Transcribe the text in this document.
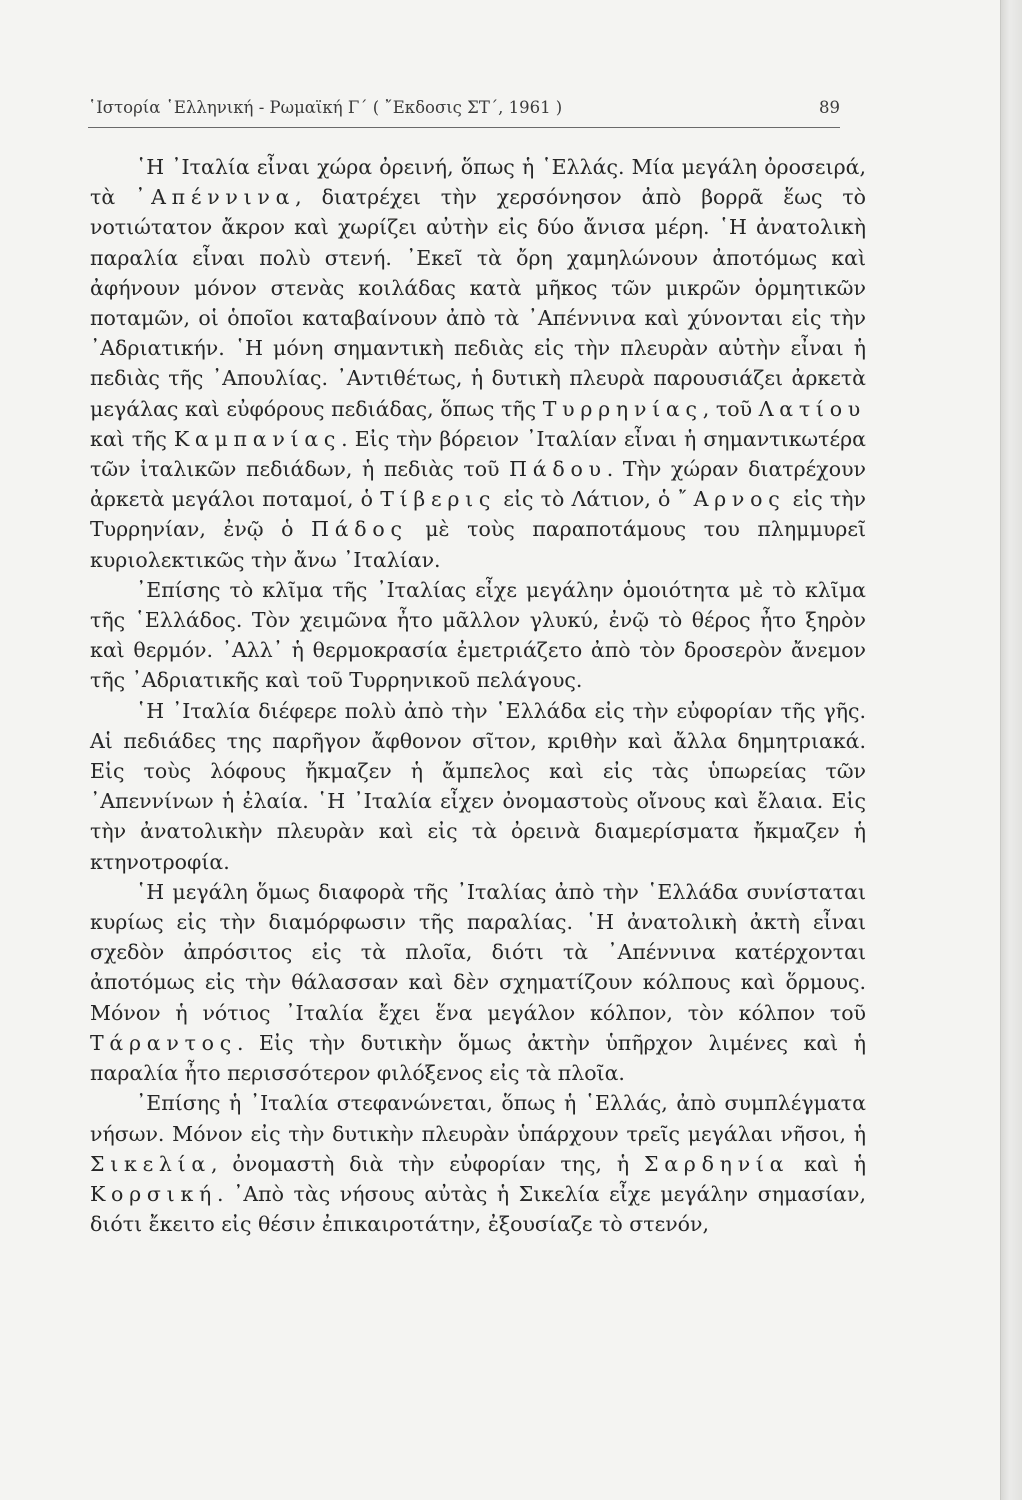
῾Ιστορία ῾Ελληνική - Ρωμαϊκή Γ΄ ( ῎Εκδοσις ΣΤ΄, 1961 )	89

῾Η ᾿Ιταλία εἶναι χώρα ὀρεινή, ὅπως ἡ ῾Ελλάς. Μία μεγάλη ὀροσειρά, τὰ ᾿Απέννινα, διατρέχει τὴν χερσόνησον ἀπὸ βορρᾶ ἕως τὸ νοτιώτατον ἄκρον καὶ χωρίζει αὐτὴν εἰς δύο ἄνισα μέρη. ῾Η ἀνατολικὴ παραλία εἶναι πολὺ στενή. ᾿Εκεῖ τὰ ὄρη χαμηλώνουν ἀποτόμως καὶ ἀφήνουν μόνον στενὰς κοιλάδας κατὰ μῆκος τῶν μικρῶν ὁρμητικῶν ποταμῶν, οἱ ὁποῖοι καταβαίνουν ἀπὸ τὰ ᾿Απέννινα καὶ χύνονται εἰς τὴν ᾿Αδριατικήν. ῾Η μόνη σημαντικὴ πεδιὰς εἰς τὴν πλευρὰν αὐτὴν εἶναι ἡ πεδιὰς τῆς ᾿Απουλίας. ᾿Αντιθέτως, ἡ δυτικὴ πλευρὰ παρουσιάζει ἀρκετὰ μεγάλας καὶ εὐφόρους πεδιάδας, ὅπως τῆς Τυρρηνίας, τοῦ Λατίου καὶ τῆς Καμπανίας. Εἰς τὴν βόρειον ᾿Ιταλίαν εἶναι ἡ σημαντικωτέρα τῶν ἰταλικῶν πεδιάδων, ἡ πεδιὰς τοῦ Πάδου. Τὴν χώραν διατρέχουν ἀρκετὰ μεγάλοι ποταμοί, ὁ Τίβερις εἰς τὸ Λάτιον, ὁ ῎Αρνος εἰς τὴν Τυρρηνίαν, ἐνῷ ὁ Πάδος μὲ τοὺς παραποτάμους του πλημμυρεῖ κυριολεκτικῶς τὴν ἄνω ᾿Ιταλίαν.

᾿Επίσης τὸ κλῖμα τῆς ᾿Ιταλίας εἶχε μεγάλην ὁμοιότητα μὲ τὸ κλῖμα τῆς ῾Ελλάδος. Τὸν χειμῶνα ἦτο μᾶλλον γλυκύ, ἐνῷ τὸ θέρος ἦτο ξηρὸν καὶ θερμόν. ᾿Αλλ᾿ ἡ θερμοκρασία ἐμετριάζετο ἀπὸ τὸν δροσερὸν ἄνεμον τῆς ᾿Αδριατικῆς καὶ τοῦ Τυρρηνικοῦ πελάγους.

῾Η ᾿Ιταλία διέφερε πολὺ ἀπὸ τὴν ῾Ελλάδα εἰς τὴν εὐφορίαν τῆς γῆς. Αἱ πεδιάδες της παρῆγον ἄφθονον σῖτον, κριθὴν καὶ ἄλλα δημητριακά. Εἰς τοὺς λόφους ἤκμαζεν ἡ ἄμπελος καὶ εἰς τὰς ὑπωρείας τῶν ᾿Απεννίνων ἡ ἐλαία. ῾Η ᾿Ιταλία εἶχεν ὀνομαστοὺς οἴνους καὶ ἔλαια. Εἰς τὴν ἀνατολικὴν πλευρὰν καὶ εἰς τὰ ὀρεινὰ διαμερίσματα ἤκμαζεν ἡ κτηνοτροφία.

῾Η μεγάλη ὅμως διαφορὰ τῆς ᾿Ιταλίας ἀπὸ τὴν ῾Ελλάδα συνίσταται κυρίως εἰς τὴν διαμόρφωσιν τῆς παραλίας. ῾Η ἀνατολικὴ ἀκτὴ εἶναι σχεδὸν ἀπρόσιτος εἰς τὰ πλοῖα, διότι τὰ ᾿Απέννινα κατέρχονται ἀποτόμως εἰς τὴν θάλασσαν καὶ δὲν σχηματίζουν κόλπους καὶ ὅρμους. Μόνον ἡ νότιος ᾿Ιταλία ἔχει ἕνα μεγάλον κόλπον, τὸν κόλπον τοῦ Τάραντος. Εἰς τὴν δυτικὴν ὅμως ἀκτὴν ὑπῆρχον λιμένες καὶ ἡ παραλία ἦτο περισσότερον φιλόξενος εἰς τὰ πλοῖα.

᾿Επίσης ἡ ᾿Ιταλία στεφανώνεται, ὅπως ἡ ῾Ελλάς, ἀπὸ συμπλέγματα νήσων. Μόνον εἰς τὴν δυτικὴν πλευρὰν ὑπάρχουν τρεῖς μεγάλαι νῆσοι, ἡ Σικελία, ὀνομαστὴ διὰ τὴν εὐφορίαν της, ἡ Σαρδηνία καὶ ἡ Κορσική. ᾿Απὸ τὰς νήσους αὐτὰς ἡ Σικελία εἶχε μεγάλην σημασίαν, διότι ἔκειτο εἰς θέσιν ἐπικαιροτάτην, ἐξουσίαζε τὸ στενόν,
